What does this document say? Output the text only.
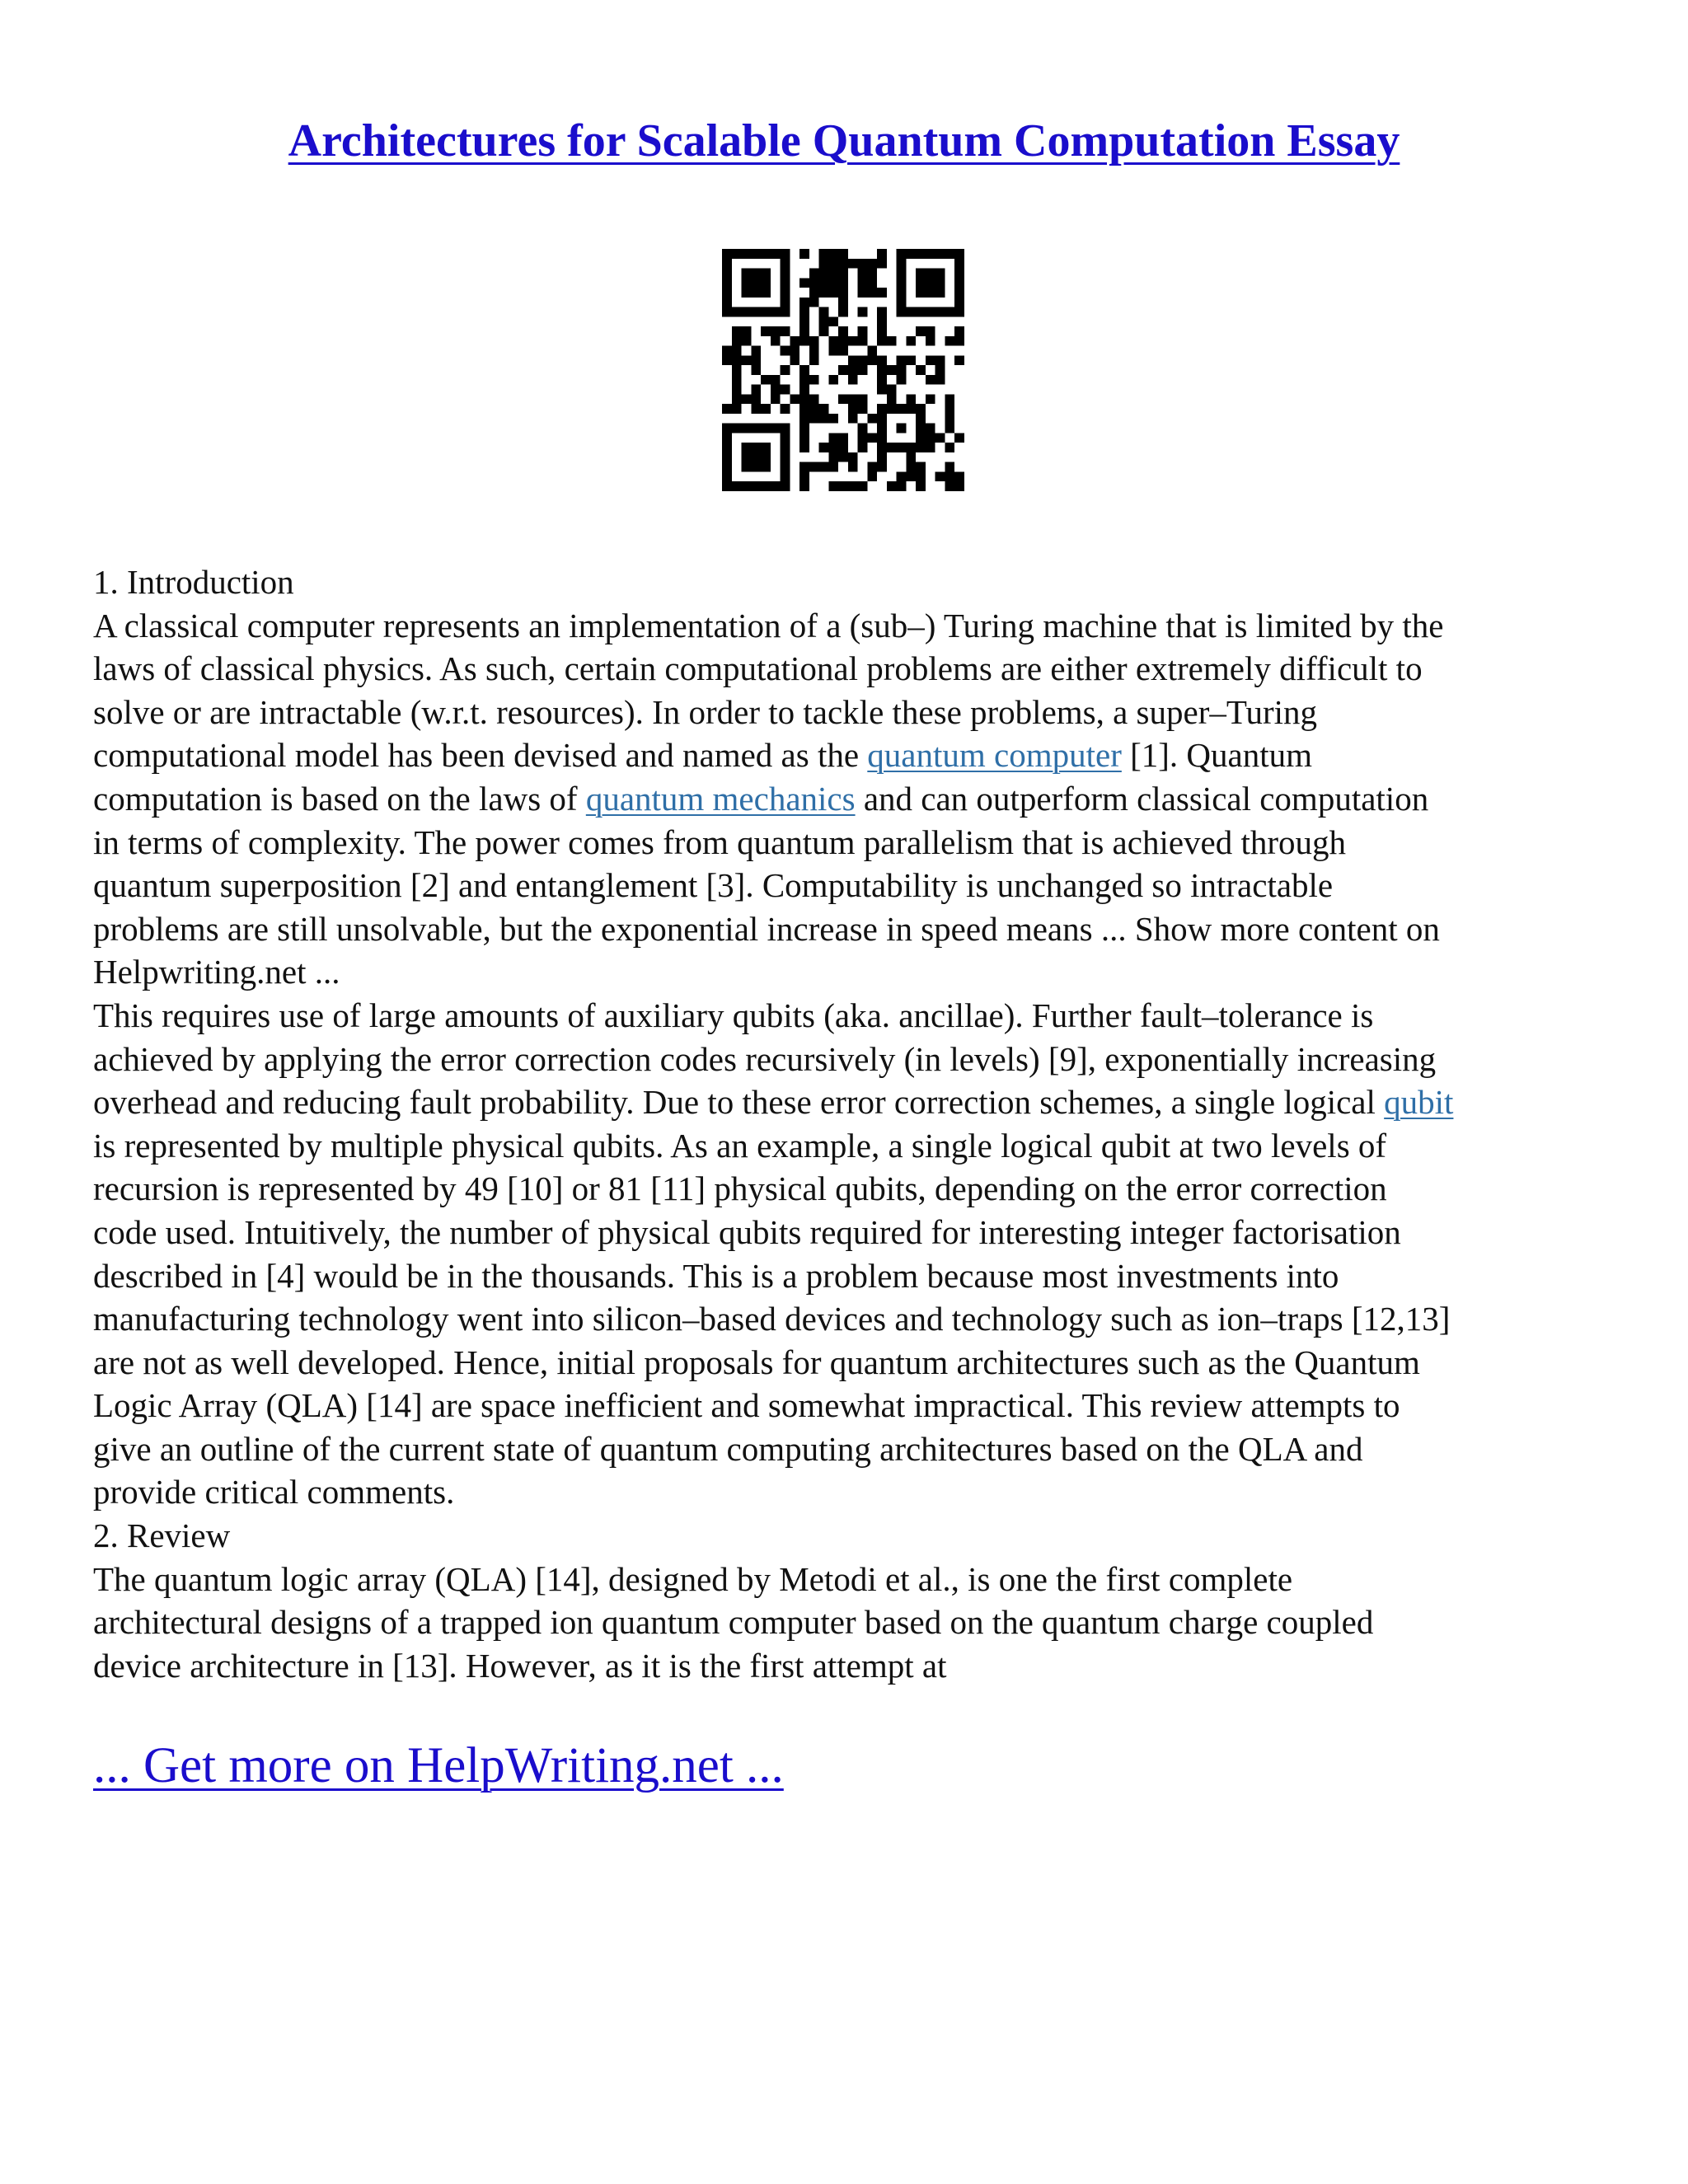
Architectures for Scalable Quantum Computation Essay
1. Introduction
A classical computer represents an implementation of a (sub–) Turing machine that is limited by the
laws of classical physics. As such, certain computational problems are either extremely difficult to
solve or are intractable (w.r.t. resources). In order to tackle these problems, a super–Turing
computational model has been devised and named as the quantum computer [1]. Quantum
computation is based on the laws of quantum mechanics and can outperform classical computation
in terms of complexity. The power comes from quantum parallelism that is achieved through
quantum superposition [2] and entanglement [3]. Computability is unchanged so intractable
problems are still unsolvable, but the exponential increase in speed means ... Show more content on
Helpwriting.net ...
This requires use of large amounts of auxiliary qubits (aka. ancillae). Further fault–tolerance is
achieved by applying the error correction codes recursively (in levels) [9], exponentially increasing
overhead and reducing fault probability. Due to these error correction schemes, a single logical qubit
is represented by multiple physical qubits. As an example, a single logical qubit at two levels of
recursion is represented by 49 [10] or 81 [11] physical qubits, depending on the error correction
code used. Intuitively, the number of physical qubits required for interesting integer factorisation
described in [4] would be in the thousands. This is a problem because most investments into
manufacturing technology went into silicon–based devices and technology such as ion–traps [12,13]
are not as well developed. Hence, initial proposals for quantum architectures such as the Quantum
Logic Array (QLA) [14] are space inefficient and somewhat impractical. This review attempts to
give an outline of the current state of quantum computing architectures based on the QLA and
provide critical comments.
2. Review
The quantum logic array (QLA) [14], designed by Metodi et al., is one the first complete
architectural designs of a trapped ion quantum computer based on the quantum charge coupled
device architecture in [13]. However, as it is the first attempt at
... Get more on HelpWriting.net ...
